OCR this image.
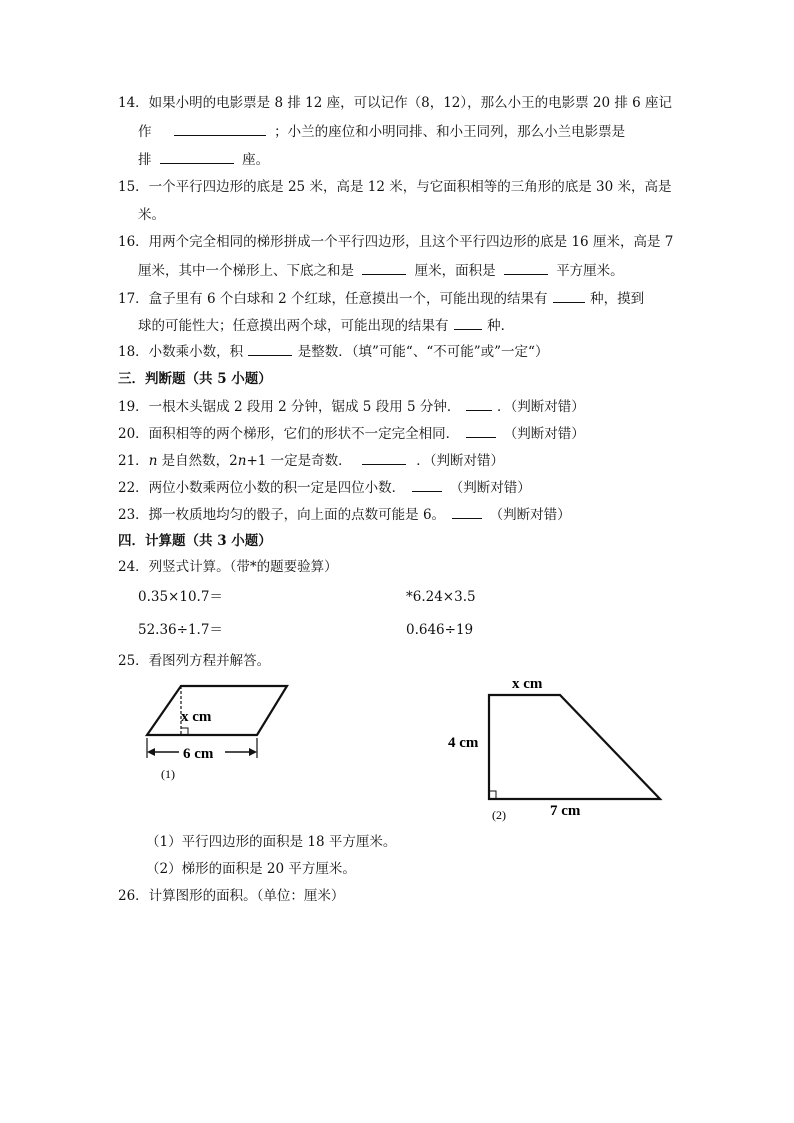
14．如果小明的电影票是 8 排 12 座，可以记作（8，12），那么小王的电影票 20 排 6 座记
作	；小兰的座位和小明同排、和小王同列，那么小兰电影票是
排	座。
15．一个平行四边形的底是 25 米，高是 12 米，与它面积相等的三角形的底是 30 米，高是
米。
16．用两个完全相同的梯形拼成一个平行四边形，且这个平行四边形的底是 16 厘米，高是 7
厘米，其中一个梯形上、下底之和是	厘米，面积是	平方厘米。
17．盒子里有 6 个白球和 2 个红球，任意摸出一个，可能出现的结果有	种，摸到
球的可能性大；任意摸出两个球，可能出现的结果有	种．
18．小数乘小数，积	是整数．（填”可能“、“不可能”或”一定“）
三．判断题（共 5 小题）
19．一根木头锯成 2 段用 2 分钟，锯成 5 段用 5 分钟．	．（判断对错）
20．面积相等的两个梯形，它们的形状不一定完全相同．	（判断对错）
21．n 是自然数，2n+1 一定是奇数．	．（判断对错）
22．两位小数乘两位小数的积一定是四位小数．	（判断对错）
23．掷一枚质地均匀的骰子，向上面的点数可能是 6。	（判断对错）
四．计算题（共 3 小题）
24．列竖式计算。（带*的题要验算）
0.35×10.7＝	*6.24×3.5
52.36÷1.7＝	0.646÷19
25．看图列方程并解答。
x cm
6 cm
(1)
x cm
4 cm
7 cm
(2)
（1）平行四边形的面积是 18 平方厘米。
（2）梯形的面积是 20 平方厘米。
26．计算图形的面积。（单位：厘米）
